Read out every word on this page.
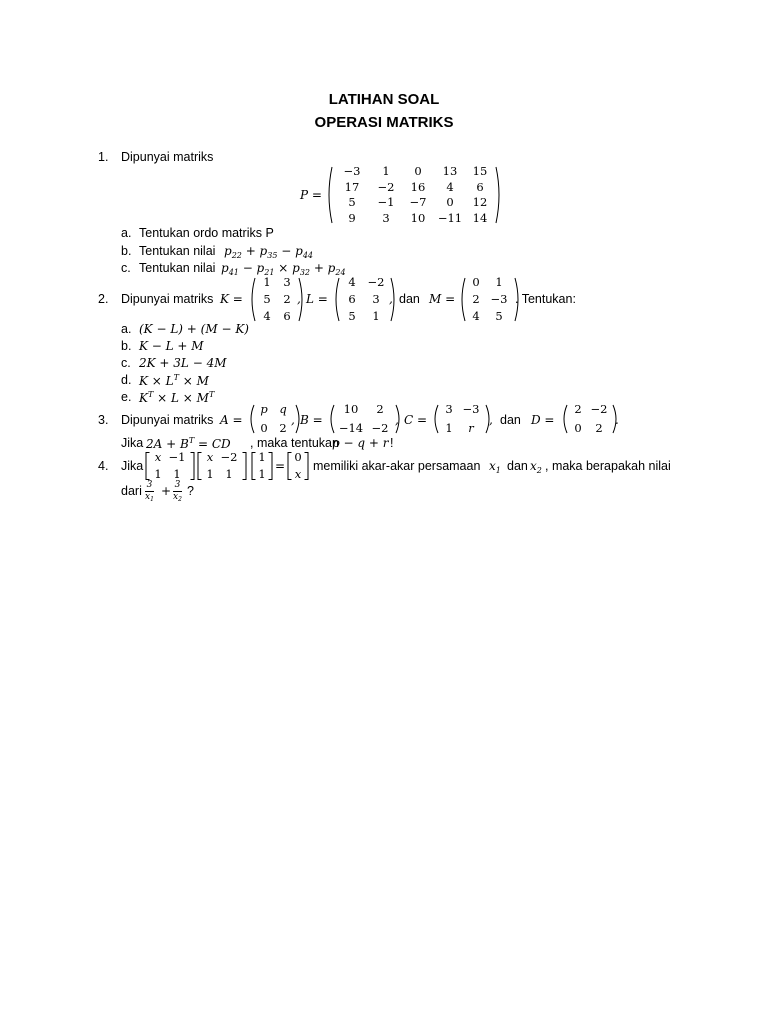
LATIHAN SOAL
OPERASI MATRIKS
1. Dipunyai matriks
P =
−3	1	0	13	15
17	−2	16	4	6
5	−1	−7	0	12
9	3	10	−11 14
a. Tentukan ordo matriks P
b. Tentukan nilai $p_{22} + p_{35} - p_{44}$
c. Tentukan nilai $p_{41} - p_{21} \times p_{32} + p_{24}$
2. Dipunyai matriks K =
1	3
5	2
4	6
, L =
4	−2
6	3
5	1
, dan M =
0	1
2 −3
4	5
. Tentukan:
a. (K − L) + (M − K)
b. K − L + M
c. 2K + 3L − 4M
d. $K \times L^T \times M$
e. $K^T \times L \times M^T$
3. Dipunyai matriks A =
p	q
0	2
, B =
10	2
−14 −2
, C =
3 −3
1	r
, dan D =
2 −2
0	2
.
Jika $2A + B^T$ = CD , maka tentukan
p − q + r !
4. Jika
x −1
1	1
x −2
1	1
1
1
=
0
x
memiliki akar-akar persamaan $x_1$ dan $x_2$ , maka berapakah nilai
dari 3
$x_1$
+ 3
$x_2$
?
